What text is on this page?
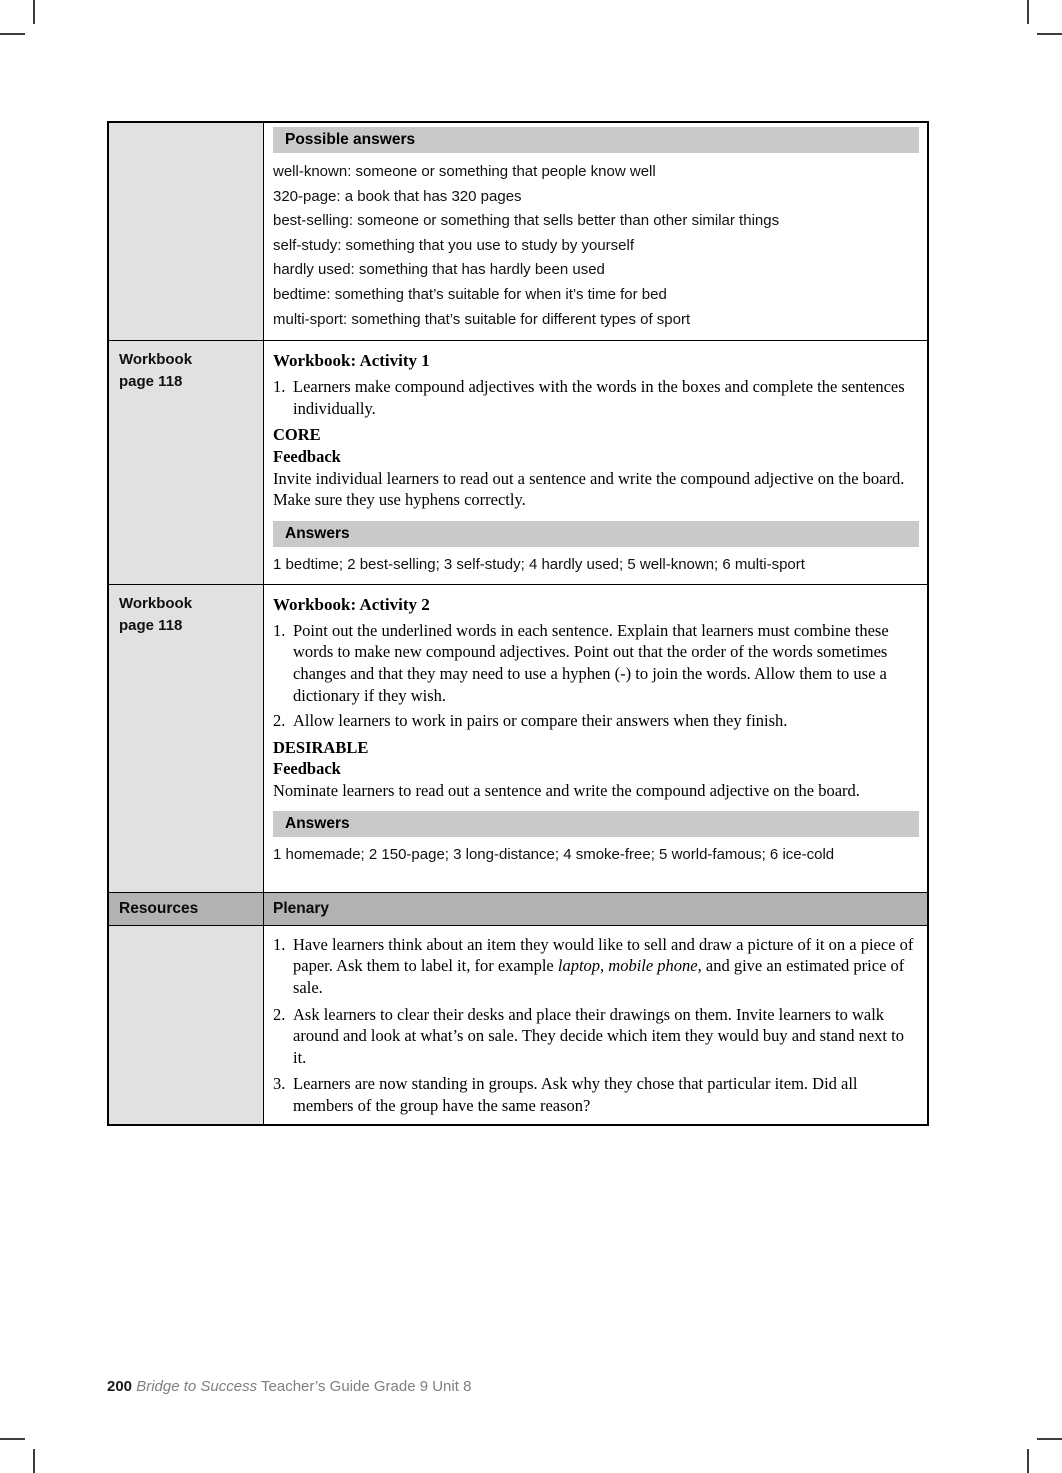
Possible answers
well-known: someone or something that people know well
320-page: a book that has 320 pages
best-selling: someone or something that sells better than other similar things
self-study: something that you use to study by yourself
hardly used: something that has hardly been used
bedtime: something that’s suitable for when it’s time for bed
multi-sport: something that’s suitable for different types of sport
Workbook
page 118
Workbook: Activity 1
1. Learners make compound adjectives with the words in the boxes and complete the sentences individually.
CORE
Feedback
Invite individual learners to read out a sentence and write the compound adjective on the board. Make sure they use hyphens correctly.
Answers
1 bedtime; 2 best-selling; 3 self-study; 4 hardly used; 5 well-known; 6 multi-sport
Workbook
page 118
Workbook: Activity 2
1. Point out the underlined words in each sentence. Explain that learners must combine these words to make new compound adjectives. Point out that the order of the words sometimes changes and that they may need to use a hyphen (-) to join the words. Allow them to use a dictionary if they wish.
2. Allow learners to work in pairs or compare their answers when they finish.
DESIRABLE
Feedback
Nominate learners to read out a sentence and write the compound adjective on the board.
Answers
1 homemade; 2 150-page; 3 long-distance; 4 smoke-free; 5 world-famous; 6 ice-cold
Resources	Plenary
1. Have learners think about an item they would like to sell and draw a picture of it on a piece of paper. Ask them to label it, for example laptop, mobile phone, and give an estimated price of sale.
2. Ask learners to clear their desks and place their drawings on them. Invite learners to walk around and look at what’s on sale. They decide which item they would buy and stand next to it.
3. Learners are now standing in groups. Ask why they chose that particular item. Did all members of the group have the same reason?
200 Bridge to Success Teacher’s Guide Grade 9 Unit 8
